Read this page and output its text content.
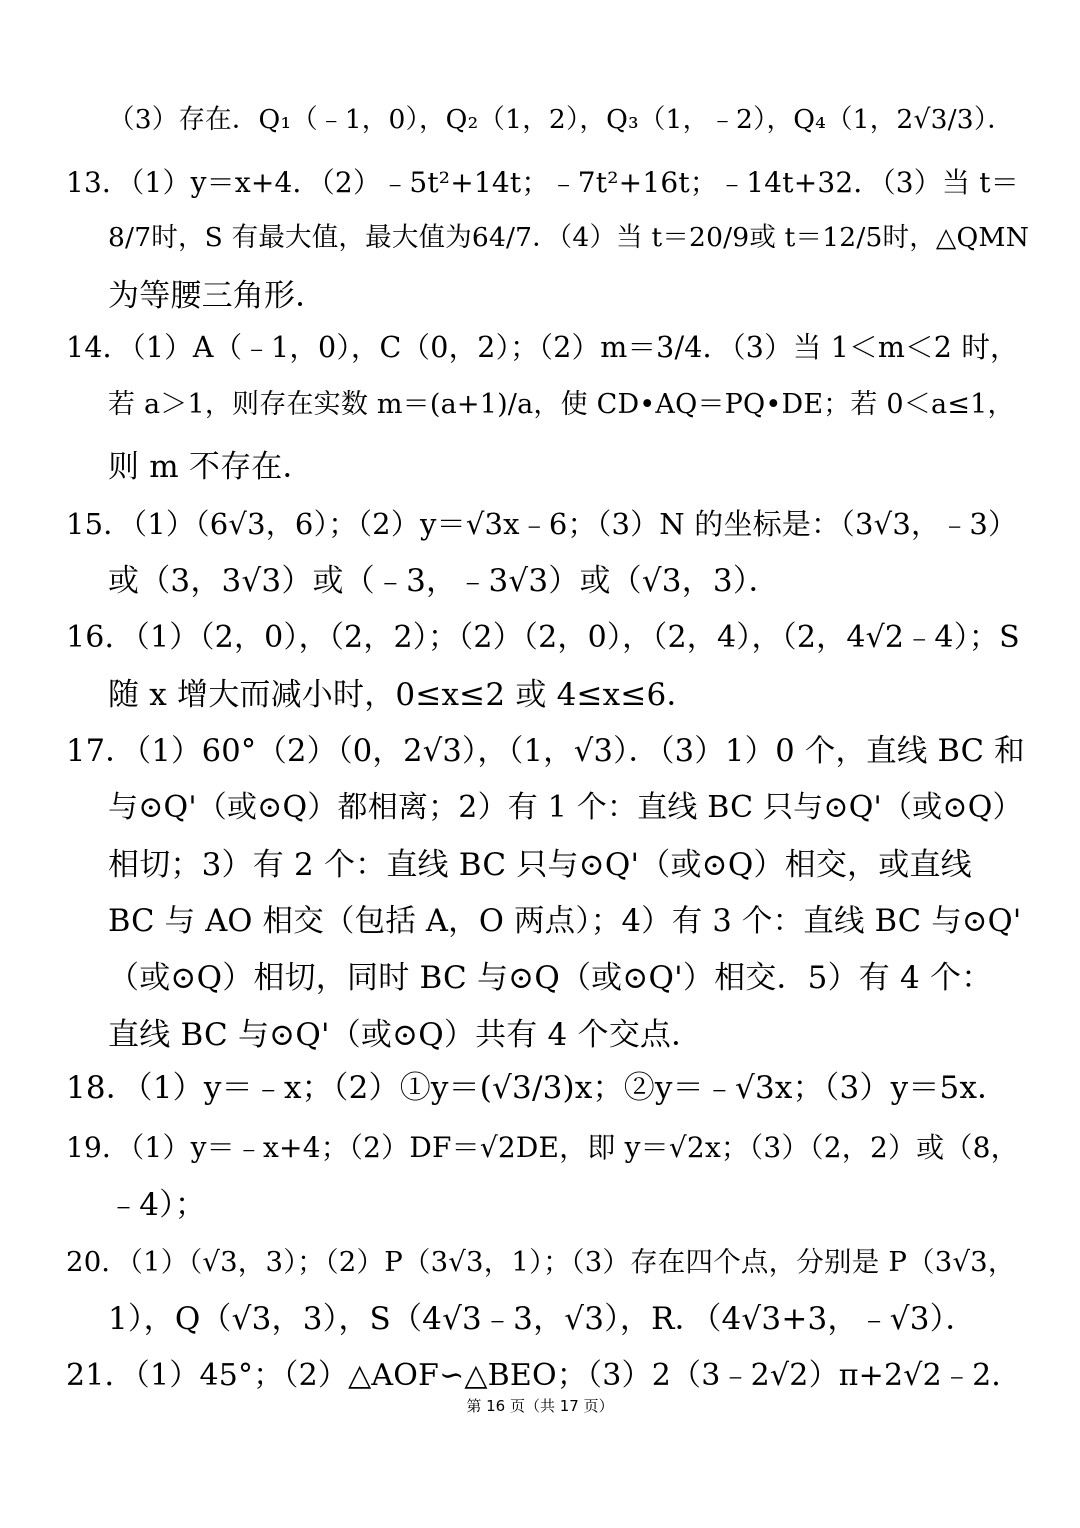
（3）存在．Q₁（﹣1，0），Q₂（1，2），Q₃（1，﹣2），Q₄（1，2√3/3）．
13．（1）y＝x+4．（2）﹣5t²+14t；﹣7t²+16t；﹣14t+32．（3）当 t＝
8/7时，S 有最大值，最大值为64/7．（4）当 t＝20/9或 t＝12/5时，△QMN
为等腰三角形．
14．（1）A（﹣1，0），C（0，2）；（2）m＝3/4．（3）当 1＜m＜2 时，
若 a＞1，则存在实数 m＝(a+1)/a，使 CD•AQ＝PQ•DE；若 0＜a≤1，
则 m 不存在．
15．（1）（6√3，6）；（2）y＝√3x﹣6；（3）N 的坐标是：（3√3，﹣3）
或（3，3√3）或（﹣3，﹣3√3）或（√3，3）．
16．（1）（2，0），（2，2）；（2）（2，0），（2，4），（2，4√2﹣4）；S
随 x 增大而减小时，0≤x≤2 或 4≤x≤6．
17．（1）60°（2）（0，2√3），（1，√3）．（3）1）0 个，直线 BC 和
与⊙Q'（或⊙Q）都相离；2）有 1 个：直线 BC 只与⊙Q'（或⊙Q）
相切；3）有 2 个：直线 BC 只与⊙Q'（或⊙Q）相交，或直线
BC 与 AO 相交（包括 A，O 两点）；4）有 3 个：直线 BC 与⊙Q'
（或⊙Q）相切，同时 BC 与⊙Q（或⊙Q'）相交．5）有 4 个：
直线 BC 与⊙Q'（或⊙Q）共有 4 个交点．
18．（1）y＝﹣x；（2）①y＝(√3/3)x；②y＝﹣√3x；（3）y＝5x．
19．（1）y＝﹣x+4；（2）DF＝√2DE，即 y＝√2x；（3）（2，2）或（8，
﹣4）；
20．（1）（√3，3）；（2）P（3√3，1）；（3）存在四个点，分别是 P（3√3，
1），Q（√3，3），S（4√3﹣3，√3），R．（4√3+3，﹣√3）．
21．（1）45°；（2）△AOF∽△BEO；（3）2（3﹣2√2）π+2√2﹣2．
第 16 页（共 17 页）
